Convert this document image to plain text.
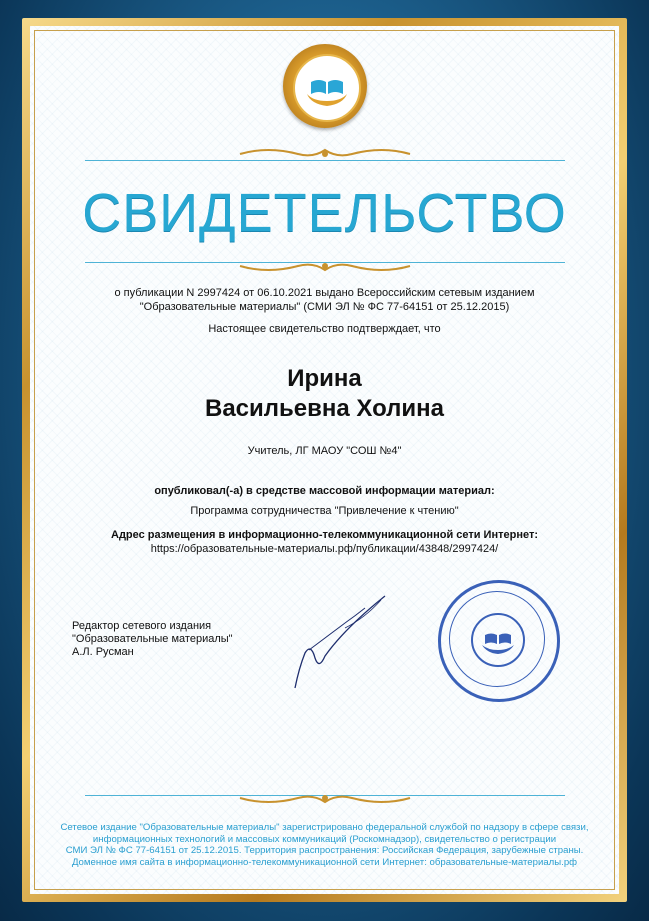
СВИДЕТЕЛЬСТВО
о публикации N 2997424 от 06.10.2021 выдано Всероссийским сетевым изданием
"Образовательные материалы" (СМИ ЭЛ № ФС 77-64151 от 25.12.2015)
Настоящее свидетельство подтверждает, что
Ирина
Васильевна Холина
Учитель, ЛГ МАОУ "СОШ №4"
опубликовал(-а) в средстве массовой информации материал:
Программа сотрудничества "Привлечение к чтению"
Адрес размещения в информационно-телекоммуникационной сети Интернет:
https://образовательные-материалы.рф/публикации/43848/2997424/
Редактор сетевого издания
"Образовательные материалы"
А.Л. Русман
Сетевое издание "Образовательные материалы" зарегистрировано федеральной службой по надзору в сфере связи,
информационных технологий и массовых коммуникаций (Роскомнадзор), свидетельство о регистрации
СМИ ЭЛ № ФС 77-64151 от 25.12.2015. Территория распространения: Российская Федерация, зарубежные страны.
Доменное имя сайта в информационно-телекоммуникационной сети Интернет: образовательные-материалы.рф
